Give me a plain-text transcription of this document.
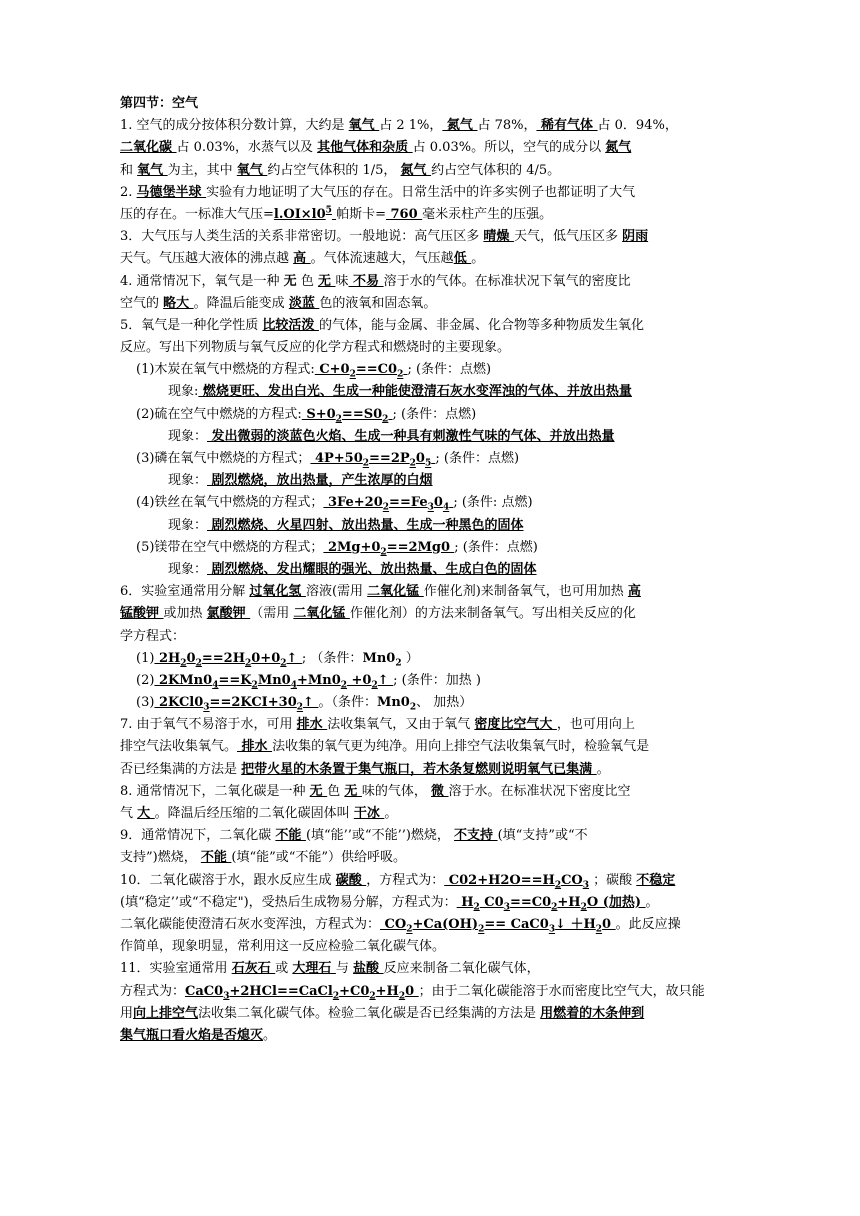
第四节：空气
1. 空气的成分按体积分数计算，大约是 氧气 占 2 1%， 氮气 占 78%， 稀有气体 占 0．94%，
二氧化碳 占 0.03%，水蒸气以及 其他气体和杂质 占 0.03%。所以，空气的成分以 氮气
和 氧气 为主，其中 氧气 约占空气体积的 1/5， 氮气 约占空气体积的 4/5。
2. 马德堡半球 实验有力地证明了大气压的存在。日常生活中的许多实例子也都证明了大气
压的存在。一标准大气压$=l.OI\times l0^5$ 帕斯卡= 760 毫米汞柱产生的压强。
3．大气压与人类生活的关系非常密切。一般地说：高气压区多 晴燥 天气，低气压区多 阴雨
天气。气压越大液体的沸点越 高 。气体流速越大，气压越低 。
4. 通常情况下，氧气是一种 无 色 无 味 不易 溶于水的气体。在标准状况下氧气的密度比
空气的 略大 。降温后能变成 淡蓝 色的液氧和固态氧。
5．氧气是一种化学性质 比较活泼 的气体，能与金属、非金属、化合物等多种物质发生氧化
反应。写出下列物质与氧气反应的化学方程式和燃烧时的主要现象。
(1)木炭在氧气中燃烧的方程式: $C+0_2==C0_2$ ; (条件：点燃)
现象: 燃烧更旺、发出白光、生成一种能使澄清石灰水变浑浊的气体、并放出热量
(2)硫在空气中燃烧的方程式: $S+0_2==S0_2$ ; (条件：点燃)
现象： 发出微弱的淡蓝色火焰、生成一种具有刺激性气味的气体、并放出热量
(3)磷在氧气中燃烧的方程式； $4P+50_2==2P_20_5$ ; (条件：点燃)
现象： 剧烈燃烧，放出热量，产生浓厚的白烟
(4)铁丝在氧气中燃烧的方程式； $3Fe+20_2==Fe_30_4$ ; (条件: 点燃)
现象： 剧烈燃烧、火星四射、放出热量、生成一种黑色的固体
(5)镁带在空气中燃烧的方程式； $2Mg+0_2==2Mg0$ ; (条件：点燃)
现象： 剧烈燃烧、发出耀眼的强光、放出热量、生成白色的固体
6．实验室通常用分解 过氧化氢 溶液(需用 二氧化锰 作催化剂)来制备氧气，也可用加热 高
锰酸钾 或加热 氯酸钾 （需用 二氧化锰 作催化剂）的方法来制备氧气。写出相关反应的化
学方程式：
(1) $2H_20_2==2H_20+0_2↑$ ; （条件：$Mn0_2$ ）
(2) $2KMn0_4==K_2Mn0_4+Mn0_2$ $+0_2↑$ ; (条件：加热 )
(3) $2KCl0_3==2KCI+30_2↑$ 。（条件：$Mn0_2$、 加热）
7. 由于氧气不易溶于水，可用 排水 法收集氧气，又由于氧气 密度比空气大 ，也可用向上
排空气法收集氧气。 排水 法收集的氧气更为纯净。用向上排空气法收集氧气时，检验氧气是
否已经集满的方法是 把带火星的木条置于集气瓶口，若木条复燃则说明氧气已集满 。
8. 通常情况下，二氧化碳是一种 无 色 无 味的气体， 微 溶于水。在标准状况下密度比空
气 大 。降温后经压缩的二氧化碳固体叫 干冰 。
9．通常情况下，二氧化碳 不能 (填“能’’或“不能’’)燃烧， 不支持 (填“支持”或“不
支持”)燃烧， 不能 (填“能”或“不能”）供给呼吸。
10．二氧化碳溶于水，跟水反应生成 碳酸 ，方程式为： $C02+H2O==H_2CO_3$ ；碳酸 不稳定
(填“稳定’’或“不稳定")，受热后生成物易分解，方程式为： $H_2$ $C0_3==C0_2+H_2O$ (加热) 。
二氧化碳能使澄清石灰水变浑浊，方程式为： $CO_2+Ca(OH)_2==$ $CaC0_3↓ +H_20$ 。此反应操
作简单，现象明显，常利用这一反应检验二氧化碳气体。
11．实验室通常用 石灰石 或 大理石 与 盐酸 反应来制备二氧化碳气体，
方程式为：$CaC0_3+2HCl==CaCl_2+C0_2+H_20$ ；由于二氧化碳能溶于水而密度比空气大，故只能
用向上排空气法收集二氧化碳气体。检验二氧化碳是否已经集满的方法是 用燃着的木条伸到
集气瓶口看火焰是否熄灭。
